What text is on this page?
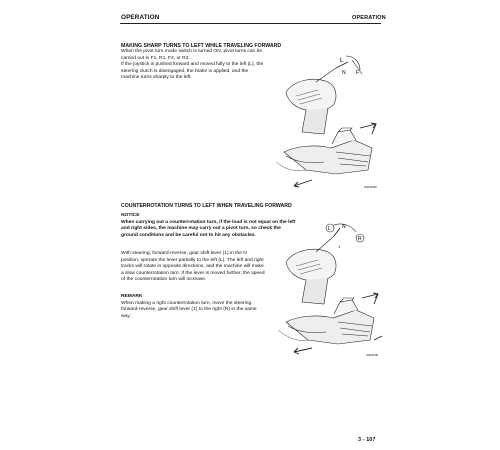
OPERATION	OPERATION
MAKING SHARP TURNS TO LEFT WHILE TRAVELING FORWARD
When the pivot turn mode switch is turned ON, pivot turns can be
carried out in F1, R1, F2, or R2.
If the joystick is pushed forward and moved fully to the left (L), the
steering clutch is disengaged, the brake is applied, and the
machine turns sharply to the left.
L
N F
SUK02780
COUNTERROTATION TURNS TO LEFT WHEN TRAVELING FORWARD
NOTICE
When carrying out a counterrotation turn, if the load is not equal on the left
and right sides, the machine may carry out a pivot turn, so check the
ground conditions and be careful not to hit any obstacles.
With steering, forward-reverse, gear shift lever (1) in the N
position, operate the lever partially to the left (L). The left and right
tracks will rotate in opposite directions, and the machine will make
a slow counterrotation turn. If the lever is moved further, the speed
of the counterrotation turn will increase.
REMARK
When making a right counterrotation turn, move the steering,
forward-reverse, gear shift lever (1) to the right (R) in the same
way.
L N
R
1
SUK02781
3 - 107
